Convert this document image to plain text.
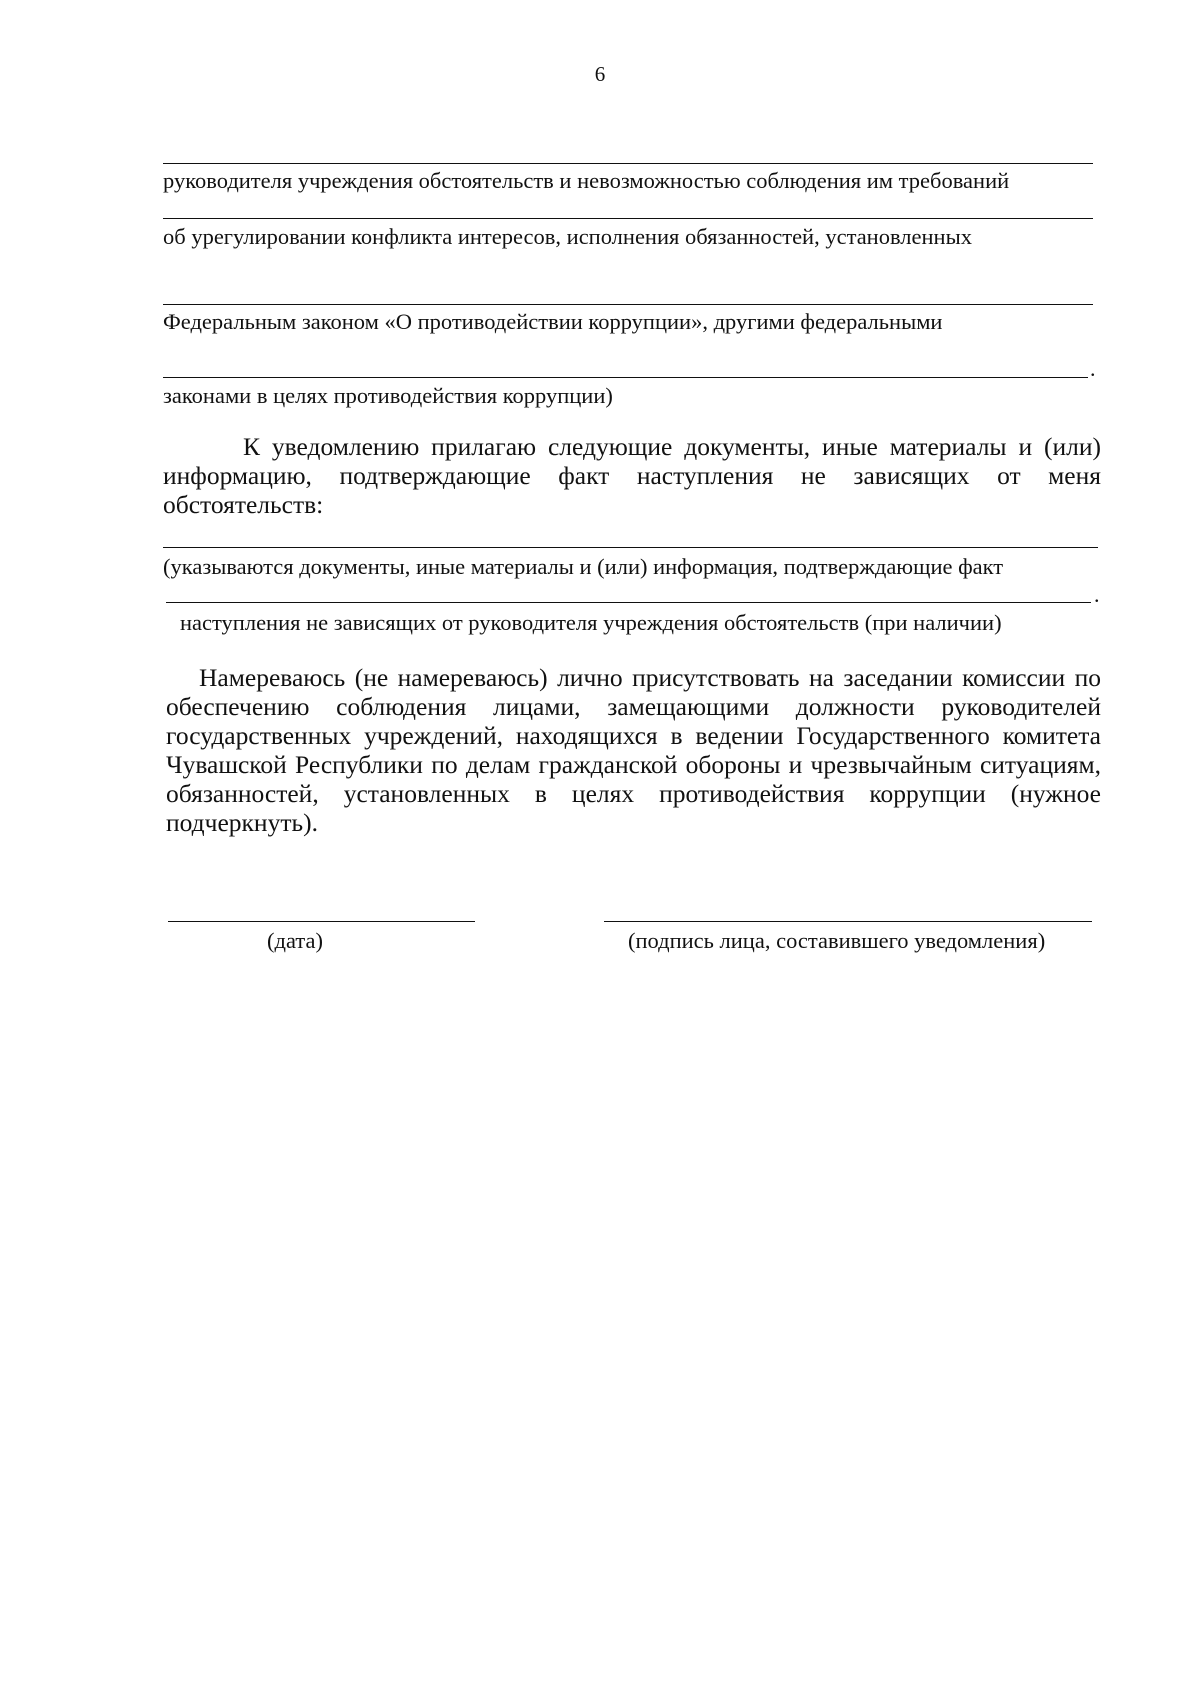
6
руководителя учреждения обстоятельств и невозможностью соблюдения им требований
об урегулировании конфликта интересов, исполнения обязанностей, установленных
Федеральным законом «О противодействии коррупции», другими федеральными
.
законами в целях противодействия коррупции)

К уведомлению прилагаю следующие документы, иные материалы и (или) информацию, подтверждающие факт наступления не зависящих от меня обстоятельств:

(указываются документы, иные материалы и (или) информация, подтверждающие факт
.
наступления не зависящих от руководителя учреждения обстоятельств (при наличии)

Намереваюсь (не намереваюсь) лично присутствовать на заседании комиссии по обеспечению соблюдения лицами, замещающими должности руководителей государственных учреждений, находящихся в ведении Государственного комитета Чувашской Республики по делам гражданской обороны и чрезвычайным ситуациям, обязанностей, установленных в целях противодействия коррупции (нужное подчеркнуть).

(дата)	(подпись лица, составившего уведомления)
